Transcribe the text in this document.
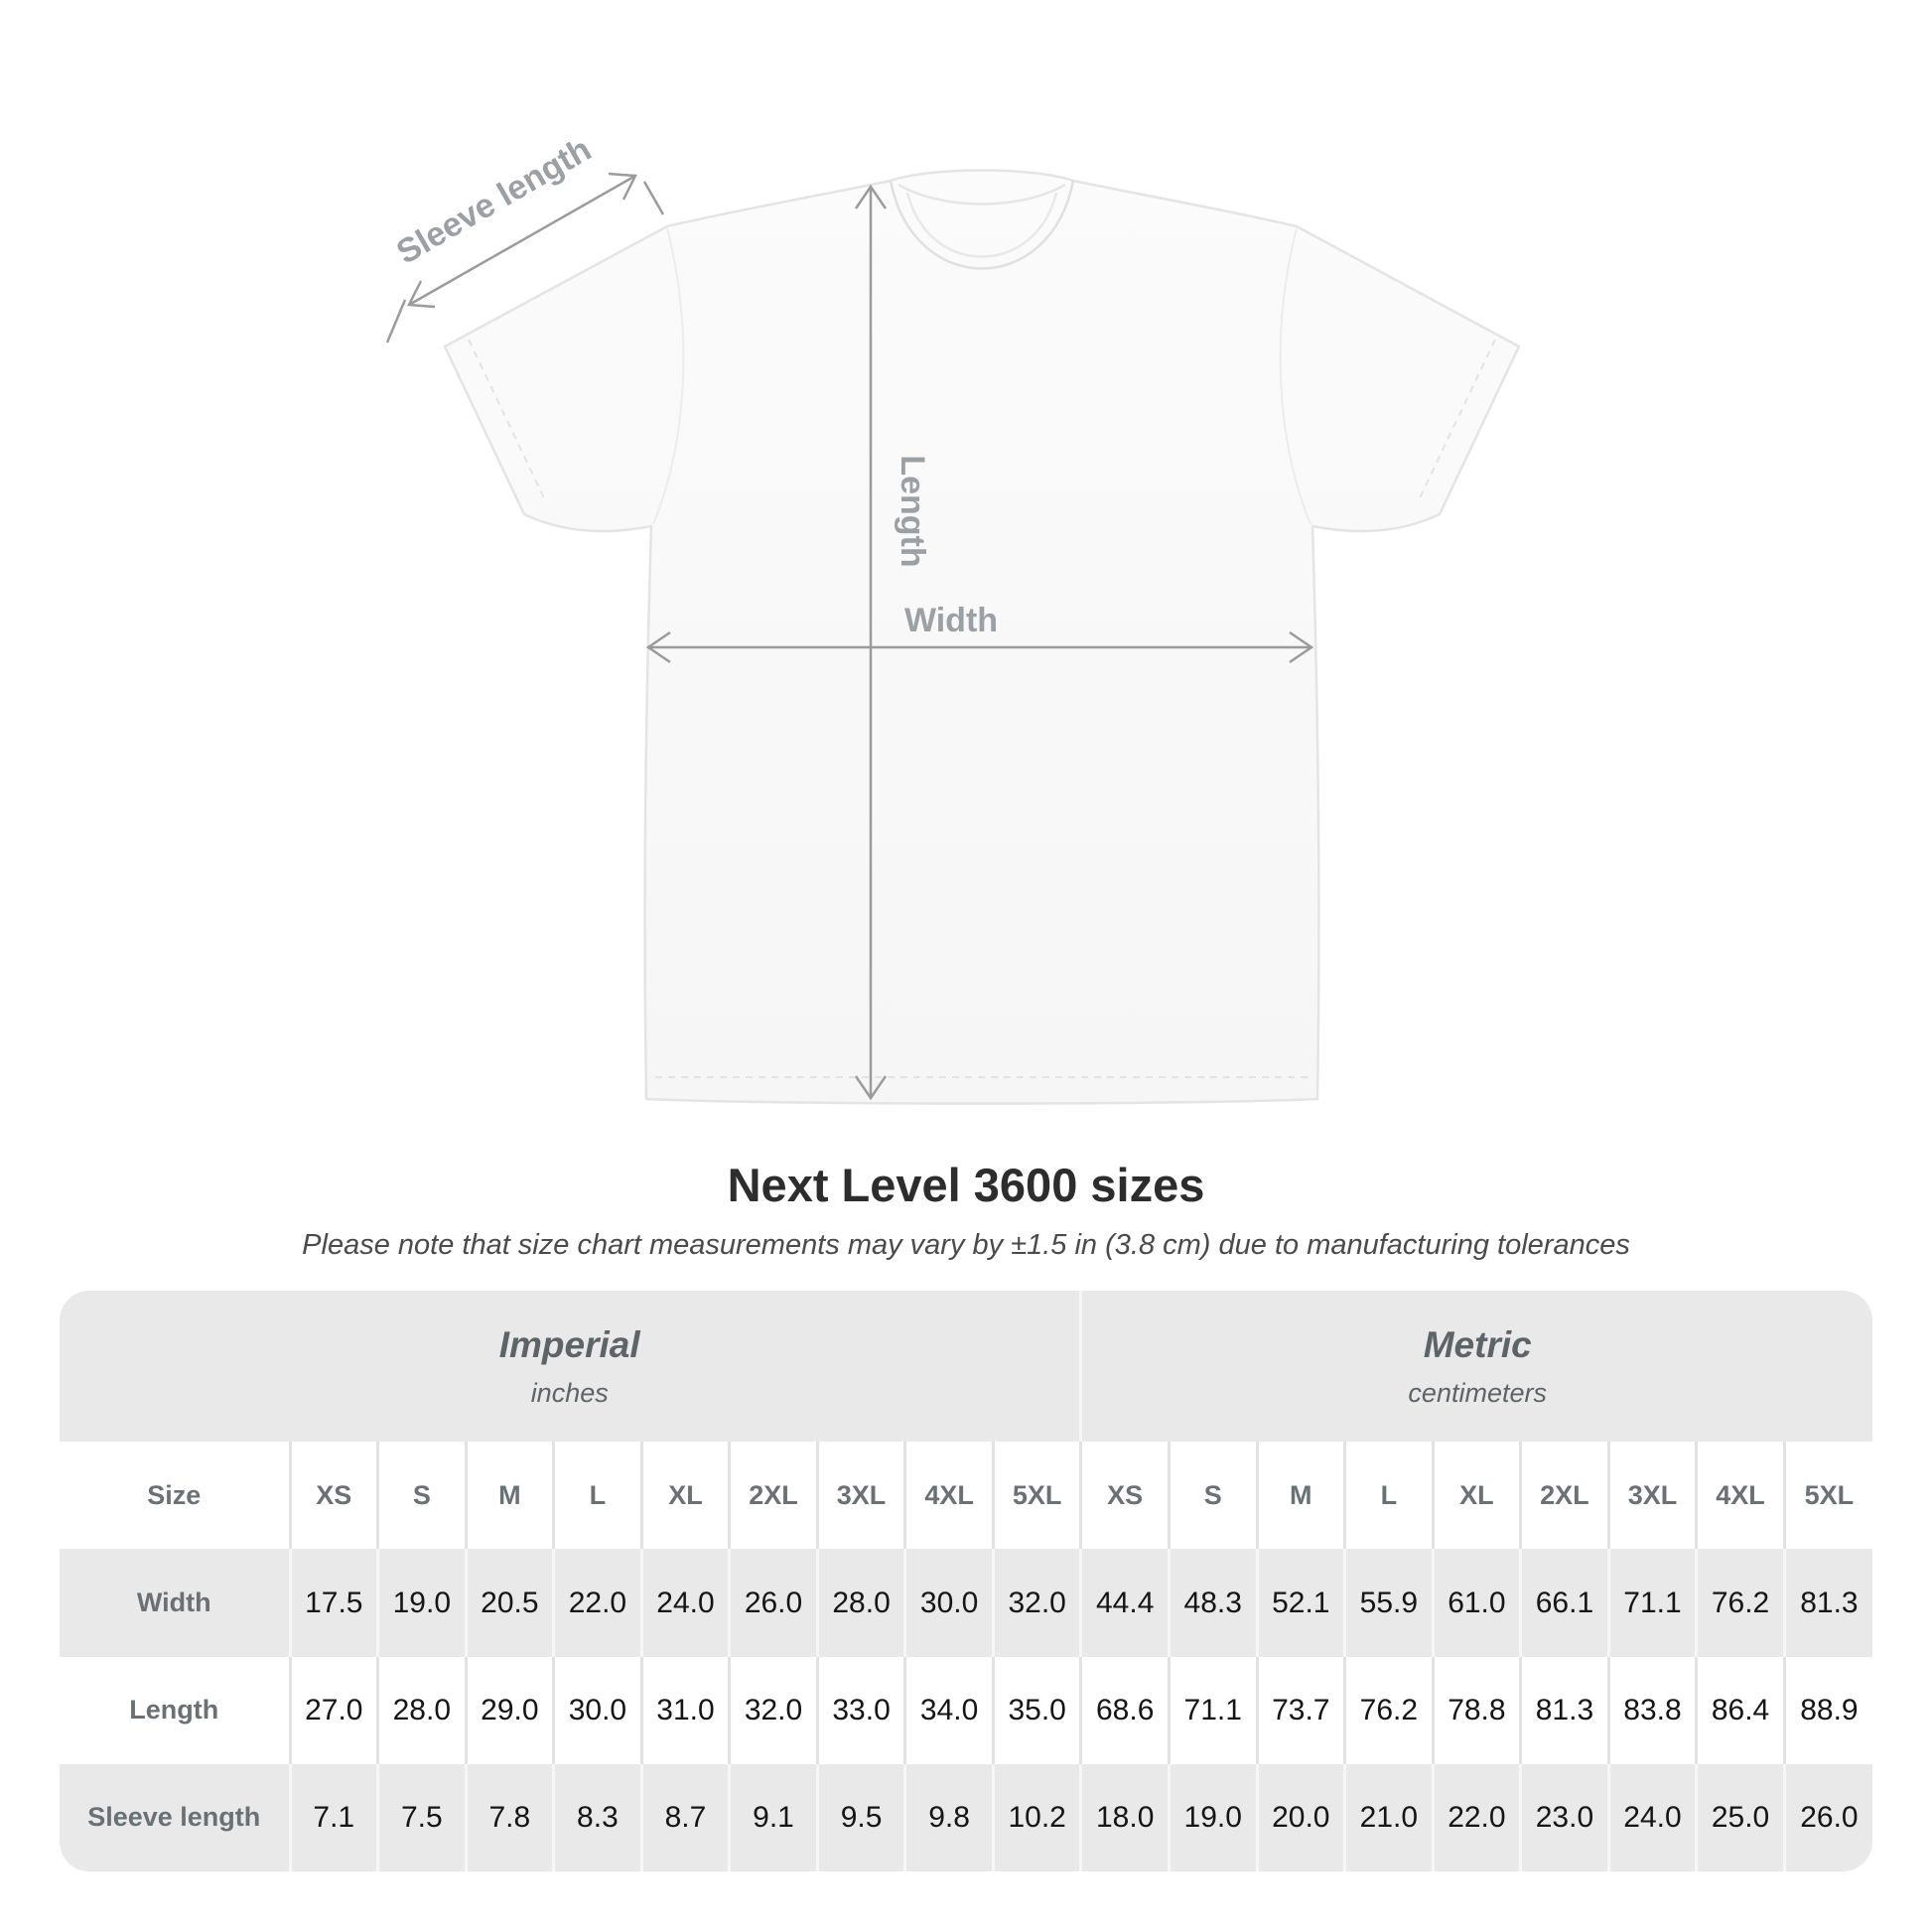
Length
Width
Sleeve length
Next Level 3600 sizes
Please note that size chart measurements may vary by ±1.5 in (3.8 cm) due to manufacturing tolerances
Imperial
inches

Metric
centimeters

Size	XS	S	M	L	XL	2XL	3XL	4XL	5XL	XS	S	M	L	XL	2XL	3XL	4XL	5XL
Width	17.5	19.0	20.5	22.0	24.0	26.0	28.0	30.0	32.0	44.4	48.3	52.1	55.9	61.0	66.1	71.1	76.2	81.3
Length	27.0	28.0	29.0	30.0	31.0	32.0	33.0	34.0	35.0	68.6	71.1	73.7	76.2	78.8	81.3	83.8	86.4	88.9
Sleeve length	7.1	7.5	7.8	8.3	8.7	9.1	9.5	9.8	10.2	18.0	19.0	20.0	21.0	22.0	23.0	24.0	25.0	26.0
